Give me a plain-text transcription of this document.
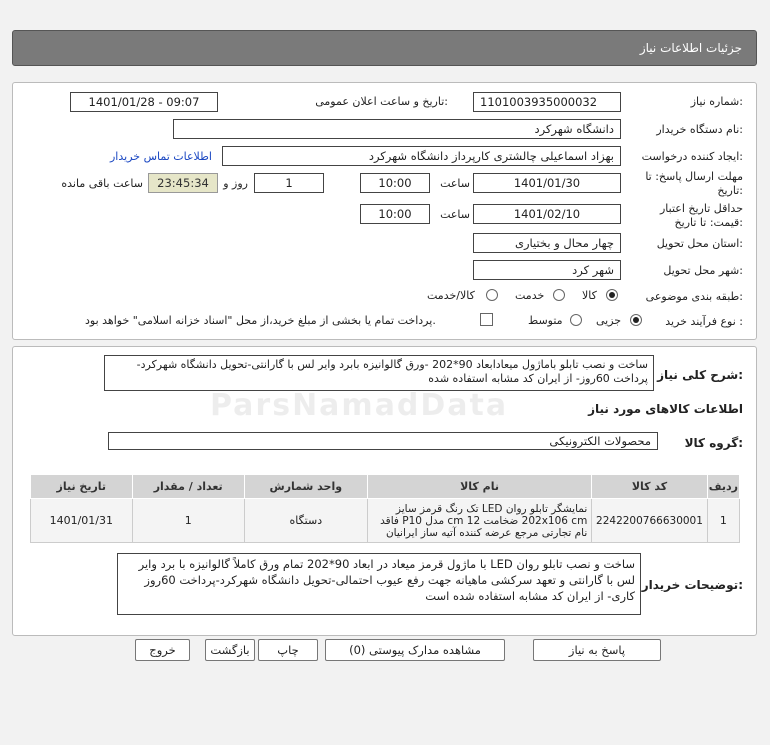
جزئیات اطلاعات نیاز
شماره نیاز:
1101003935000032
تاریخ و ساعت اعلان عمومی:
1401/01/28 - 09:07
نام دستگاه خریدار:
دانشگاه شهرکرد
ایجاد کننده درخواست:
بهزاد اسماعیلی چالشتری کارپرداز دانشگاه شهرکرد
اطلاعات تماس خریدار
مهلت ارسال پاسخ: تا
تاریخ:
1401/01/30
ساعت
10:00
1
روز و
23:45:34
ساعت باقی مانده
حداقل تاریخ اعتبار
قیمت: تا تاریخ:
1401/02/10
ساعت
10:00
استان محل تحویل:
چهار محال و بختیاری
شهر محل تحویل:
شهر کرد
طبقه بندی موضوعی:
کالا
خدمت
کالا/خدمت
نوع فرآیند خرید :
جزیی
متوسط
پرداخت تمام یا بخشی از مبلغ خرید،از محل "اسناد خزانه اسلامی" خواهد بود.
شرح کلی نیاز:
ساخت و نصب تابلو باماژول میعادابعاد 90*202 -ورق گالوانیزه بابرد وایر لس با گارانتی-تحویل دانشگاه شهرکرد-پرداخت 60روز- از ایران کد مشابه استفاده شده
اطلاعات کالاهای مورد نیاز
گروه کالا:
محصولات الکترونیکی
تاریخ نیاز	تعداد / مقدار	واحد شمارش	نام کالا	کد کالا	ردیف
1401/01/31	1	دستگاه	نمایشگر تابلو روان LED تک رنگ قرمز سایز 202x106 cm ضخامت 12 cm مدل P10 فاقد نام تجارتی مرجع عرضه کننده آتیه ساز ایرانیان	2242200766630001	1
توضیحات خریدار:
ساخت و نصب تابلو روان LED با ماژول قرمز میعاد در ابعاد 90*202 تمام ورق کاملاً گالوانیزه با برد وایر لس با گارانتی و تعهد سرکشی ماهیانه جهت رفع عیوب احتمالی-تحویل دانشگاه شهرکرد-پرداخت 60روز کاری- از ایران کد مشابه استفاده شده است
پاسخ به نیاز
مشاهده مدارک پیوستی (0)
چاپ
بازگشت
خروج
